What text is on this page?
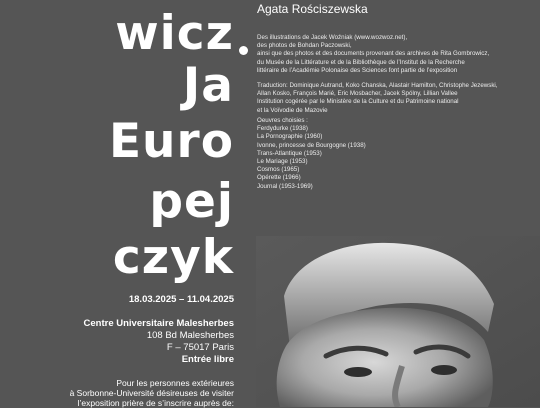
wicz
Ja
Euro
pej
czyk
Agata Rościszewska
Des illustrations de Jacek Woźniak (www.wozwoz.net),
des photos de Bohdan Paczowski,
ainsi que des photos et des documents provenant des archives de Rita Gombrowicz,
du Musée de la Littérature et de la Bibliothèque de l’Institut de la Recherche
littéraire de l’Académie Polonaise des Sciences font partie de l’exposition
Traduction: Dominique Autrand, Koko Chanska, Alastair Hamilton, Christophe Jezewski,
Allan Kosko, François Marié, Eric Mosbacher, Jacek Spólny, Lillian Vallee
Institution cogérée par le Ministère de la Culture et du Patrimoine national
et la Voïvodie de Mazovie
Oeuvres choisies :
Ferdydurke (1938)
La Pornographie (1960)
Ivonne, princesse de Bourgogne (1938)
Trans-Atlantique (1953)
Le Mariage (1953)
Cosmos (1965)
Opérette (1966)
Journal (1953-1969)
18.03.2025 – 11.04.2025
Centre Universitaire Malesherbes
108 Bd Malesherbes
F – 75017 Paris
Entrée libre
Pour les personnes extérieures
à Sorbonne-Université désireuses de visiter
l’exposition prière de s’inscrire auprès de:
